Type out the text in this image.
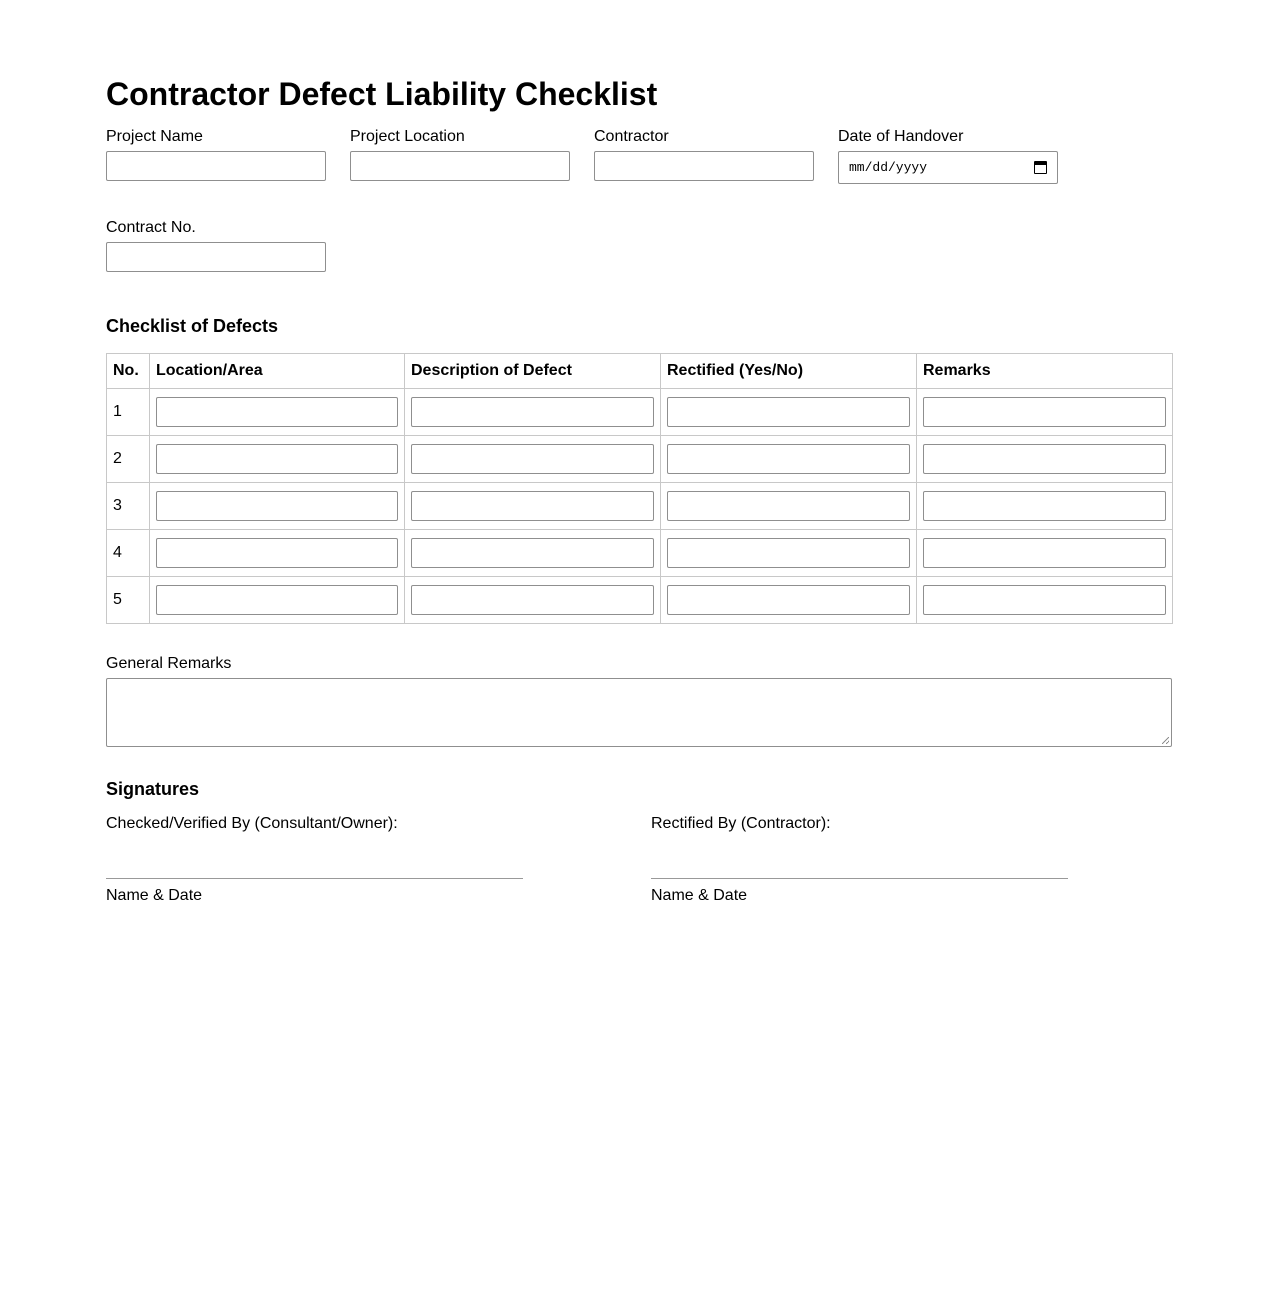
Contractor Defect Liability Checklist
Project Name	Project Location	Contractor	Date of Handover
mm/dd/yyyy
Contract No.
Checklist of Defects
No.	Location/Area	Description of Defect	Rectified (Yes/No)	Remarks
1	

2	

3	

4	

5	

General Remarks
Signatures
Checked/Verified By (Consultant/Owner):
Name & Date
Rectified By (Contractor):
Name & Date
